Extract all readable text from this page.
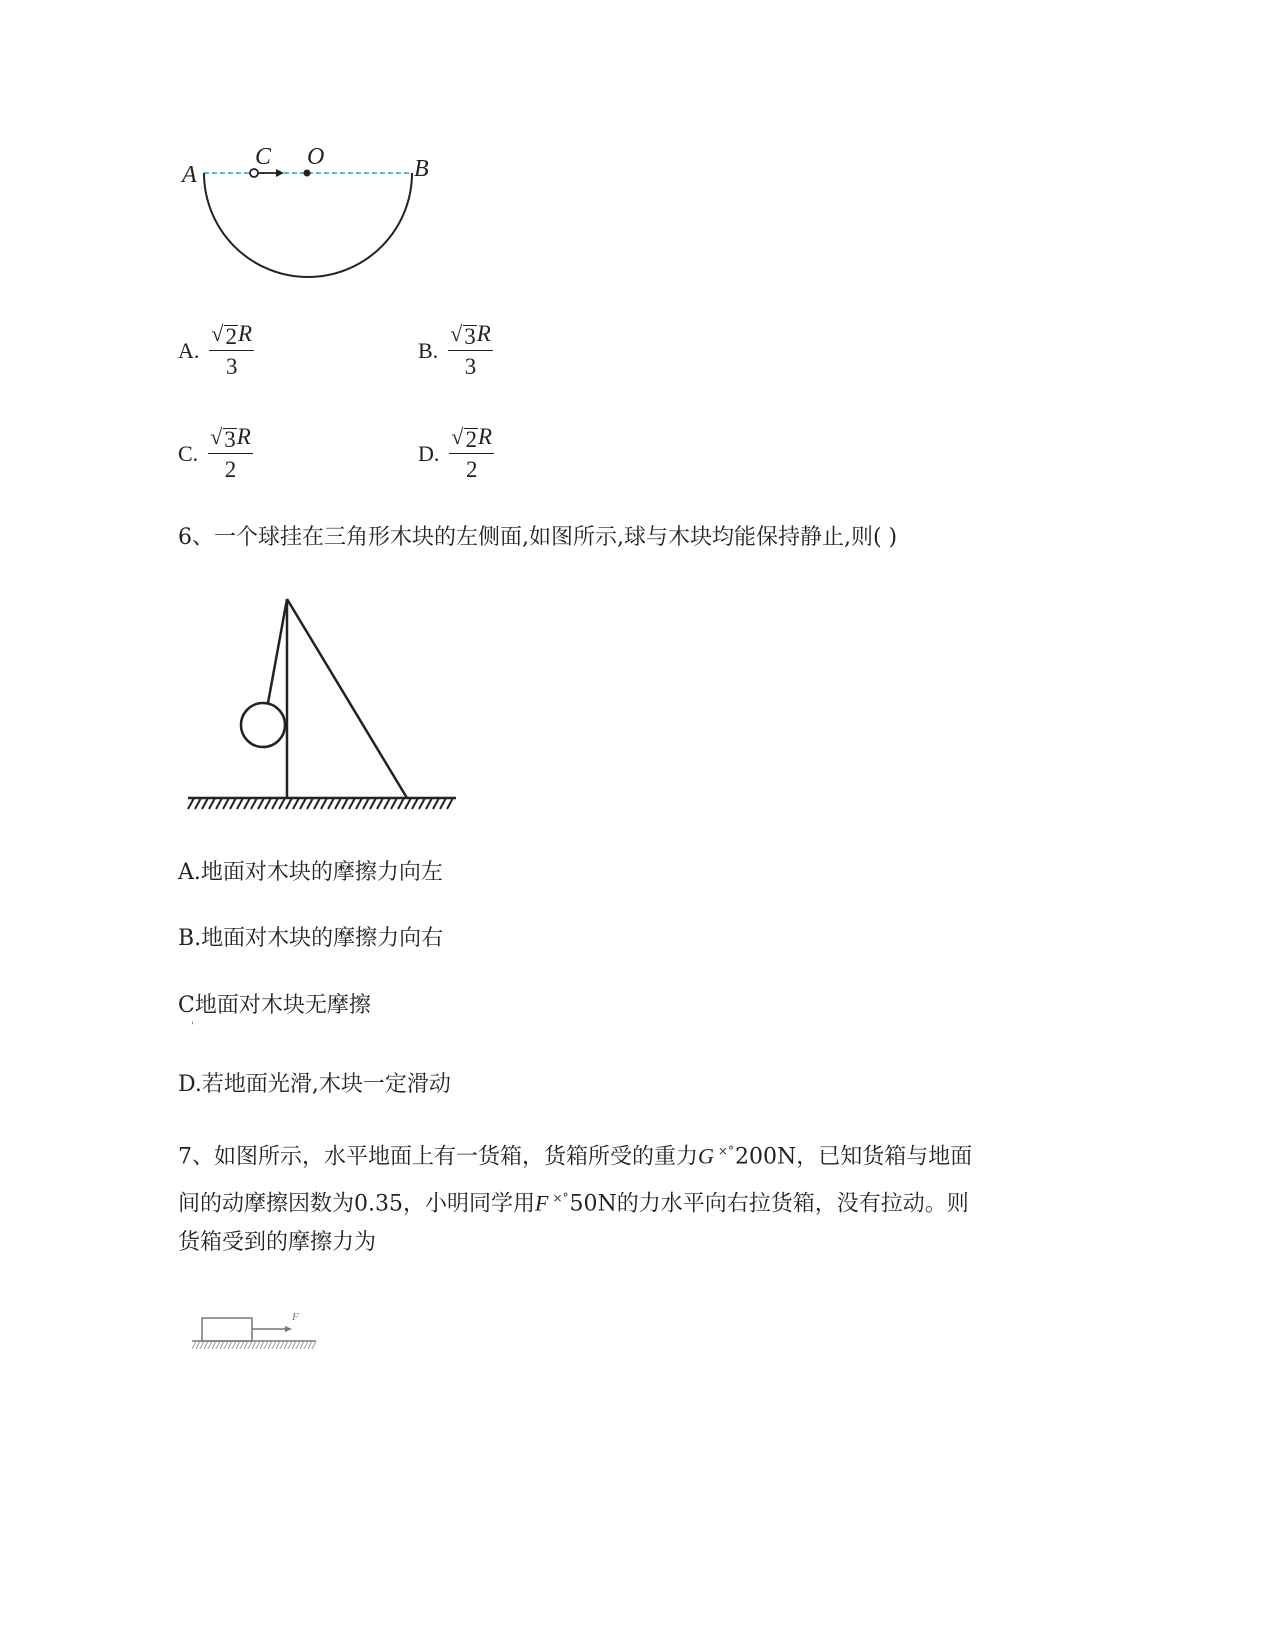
A
C O	B
A. $\frac{√ 2 R}{3}$	B. $\frac{√ 3 R}{3}$
C. $\frac{√ 3 R}{2}$	D. $\frac{√ 2 R}{2}$
6、一个球挂在三角形木块的左侧面,如图所示,球与木块均能保持静止,则( )
A.地面对木块的摩擦力向左
B.地面对木块的摩擦力向右
C地面对木块无摩擦
'
D.若地面光滑,木块一定滑动
7、如图所示，水平地面上有一货箱，货箱所受的重力G ×°200N，已知货箱与地面
间的动摩擦因数为0.35，小明同学用F ×°50N的力水平向右拉货箱，没有拉动。则
货箱受到的摩擦力为
F
